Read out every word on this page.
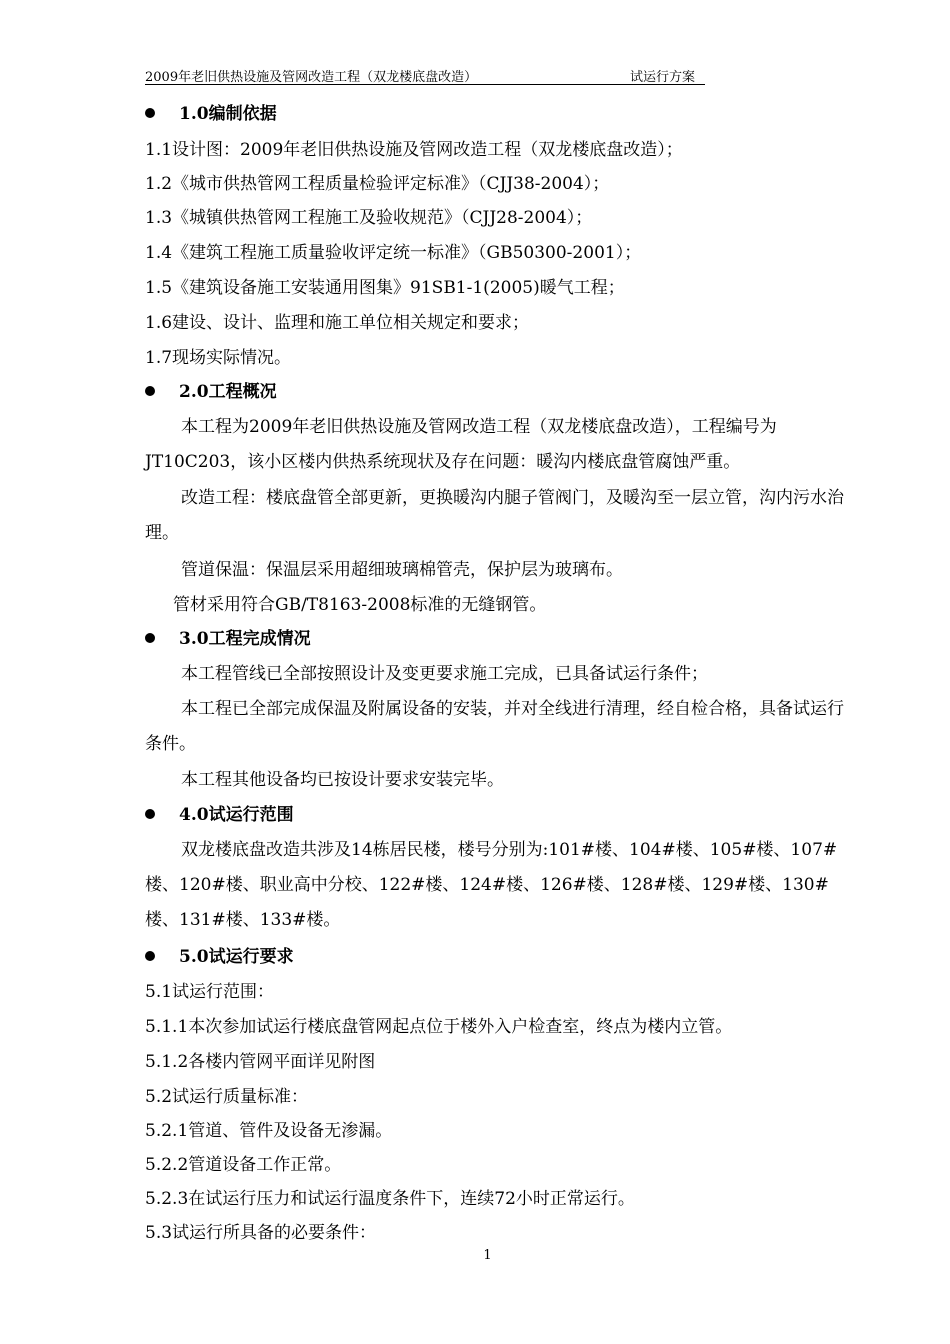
2009年老旧供热设施及管网改造工程（双龙楼底盘改造）	试运行方案
1.0编制依据
1.1设计图：2009年老旧供热设施及管网改造工程（双龙楼底盘改造）；
1.2《城市供热管网工程质量检验评定标准》（CJJ38-2004）；
1.3《城镇供热管网工程施工及验收规范》（CJJ28-2004）；
1.4《建筑工程施工质量验收评定统一标准》（GB50300-2001）；
1.5《建筑设备施工安装通用图集》91SB1-1(2005)暖气工程；
1.6建设、设计、监理和施工单位相关规定和要求；
1.7现场实际情况。
2.0工程概况
本工程为2009年老旧供热设施及管网改造工程（双龙楼底盘改造），工程编号为JT10C203，该小区楼内供热系统现状及存在问题：暖沟内楼底盘管腐蚀严重。
改造工程：楼底盘管全部更新，更换暖沟内腿子管阀门，及暖沟至一层立管，沟内污水治理。
管道保温：保温层采用超细玻璃棉管壳，保护层为玻璃布。
管材采用符合GB/T8163-2008标准的无缝钢管。
3.0工程完成情况
本工程管线已全部按照设计及变更要求施工完成，已具备试运行条件；
本工程已全部完成保温及附属设备的安装，并对全线进行清理，经自检合格，具备试运行条件。
本工程其他设备均已按设计要求安装完毕。
4.0试运行范围
双龙楼底盘改造共涉及14栋居民楼，楼号分别为:101#楼、104#楼、105#楼、107#楼、120#楼、职业高中分校、122#楼、124#楼、126#楼、128#楼、129#楼、130#楼、131#楼、133#楼。
5.0试运行要求
5.1试运行范围：
5.1.1本次参加试运行楼底盘管网起点位于楼外入户检查室，终点为楼内立管。
5.1.2各楼内管网平面详见附图
5.2试运行质量标准：
5.2.1管道、管件及设备无渗漏。
5.2.2管道设备工作正常。
5.2.3在试运行压力和试运行温度条件下，连续72小时正常运行。
5.3试运行所具备的必要条件：
1
